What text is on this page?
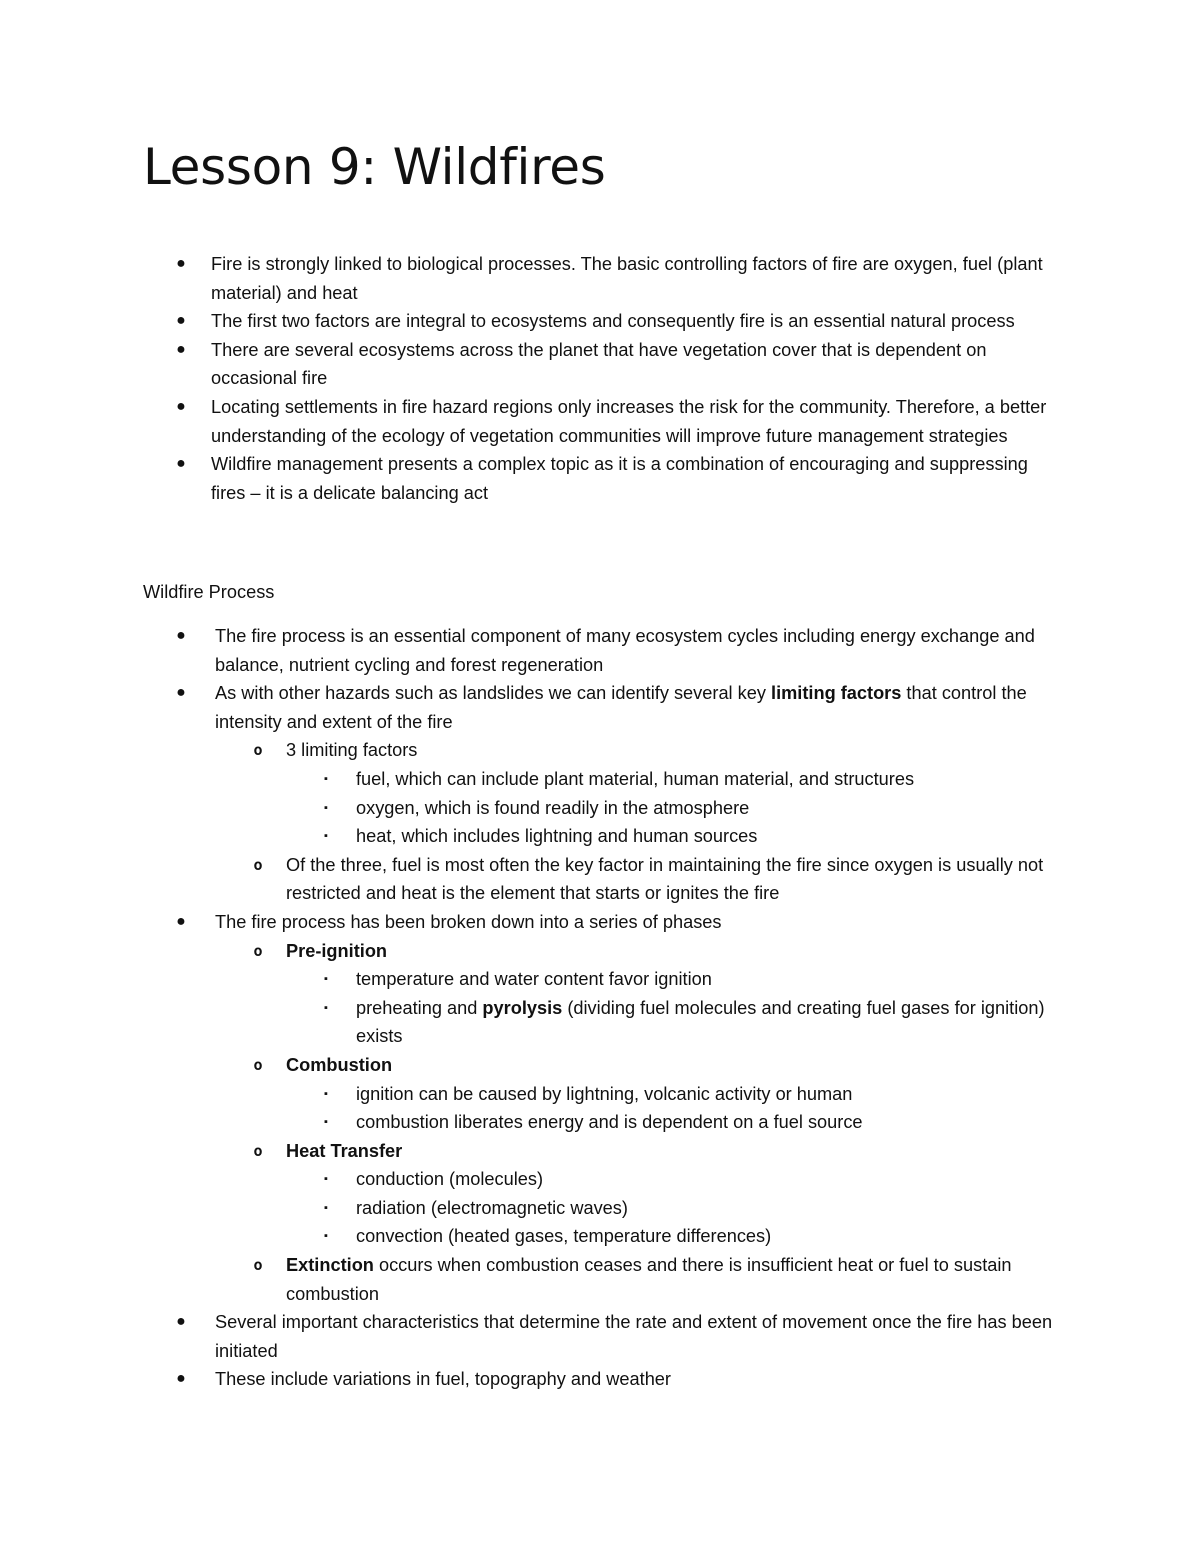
Lesson 9: Wildfires
● Fire is strongly linked to biological processes. The basic controlling factors of fire are oxygen, fuel (plant material) and heat
● The first two factors are integral to ecosystems and consequently fire is an essential natural process
● There are several ecosystems across the planet that have vegetation cover that is dependent on occasional fire
● Locating settlements in fire hazard regions only increases the risk for the community. Therefore, a better understanding of the ecology of vegetation communities will improve future management strategies
● Wildfire management presents a complex topic as it is a combination of encouraging and suppressing fires – it is a delicate balancing act

Wildfire Process

● The fire process is an essential component of many ecosystem cycles including energy exchange and balance, nutrient cycling and forest regeneration
● As with other hazards such as landslides we can identify several key limiting factors that control the intensity and extent of the fire
o	3 limiting factors
▪	fuel, which can include plant material, human material, and structures
▪	oxygen, which is found readily in the atmosphere
▪	heat, which includes lightning and human sources
o	Of the three, fuel is most often the key factor in maintaining the fire since oxygen is usually not restricted and heat is the element that starts or ignites the fire
● The fire process has been broken down into a series of phases
o	Pre-ignition
▪	temperature and water content favor ignition
▪	preheating and pyrolysis (dividing fuel molecules and creating fuel gases for ignition) exists
o	Combustion
▪	ignition can be caused by lightning, volcanic activity or human
▪	combustion liberates energy and is dependent on a fuel source
o	Heat Transfer
▪	conduction (molecules)
▪	radiation (electromagnetic waves)
▪	convection (heated gases, temperature differences)
o	Extinction occurs when combustion ceases and there is insufficient heat or fuel to sustain combustion
● Several important characteristics that determine the rate and extent of movement once the fire has been initiated
● These include variations in fuel, topography and weather
